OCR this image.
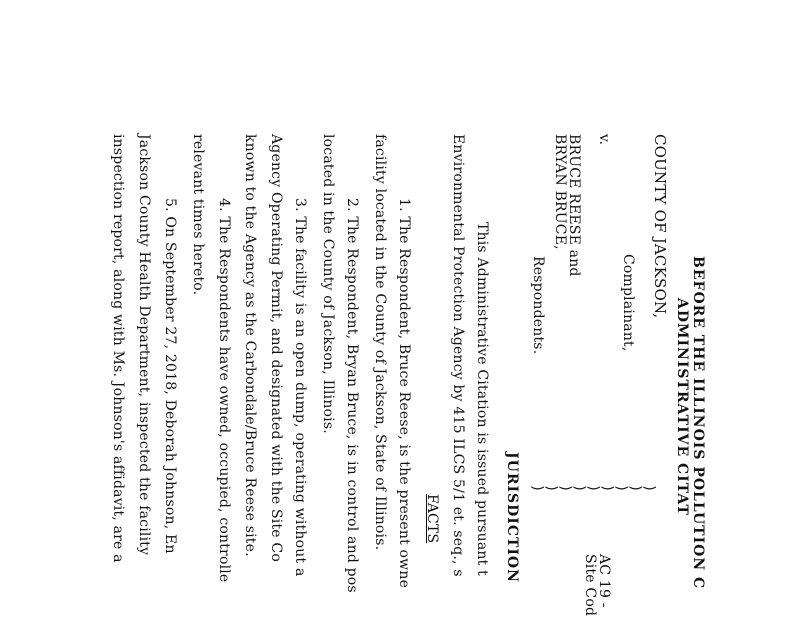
BEFORE THE ILLINOIS POLLUTION C
ADMINISTRATIVE CITAT
COUNTY OF JACKSON,
Complainant,
v.
BRUCE REESE and
BRYAN BRUCE,
Respondents.
)
)
)
)
)
)
)
)
)
AC 19 -
Site Cod
JURISDICTION
FACTS This Administrative Citation is issued pursuant t
Environmental Protection Agency by 415 ILCS 5/1 et. seq., s
1. The Respondent, Bruce Reese, is the present owne
facility located in the County of Jackson, State of Illinois.
2. The Respondent, Bryan Bruce, is in control and pos
located in the County of Jackson, Illinois.
3. The facility is an open dump, operating without a
Agency Operating Permit, and designated with the Site Co
known to the Agency as the Carbondale/Bruce Reese site.
4. The Respondents have owned, occupied, controlle
relevant times hereto.
5. On September 27, 2018, Deborah Johnson, En
Jackson County Health Department, inspected the facility
inspection report, along with Ms. Johnson's affidavit, are a
